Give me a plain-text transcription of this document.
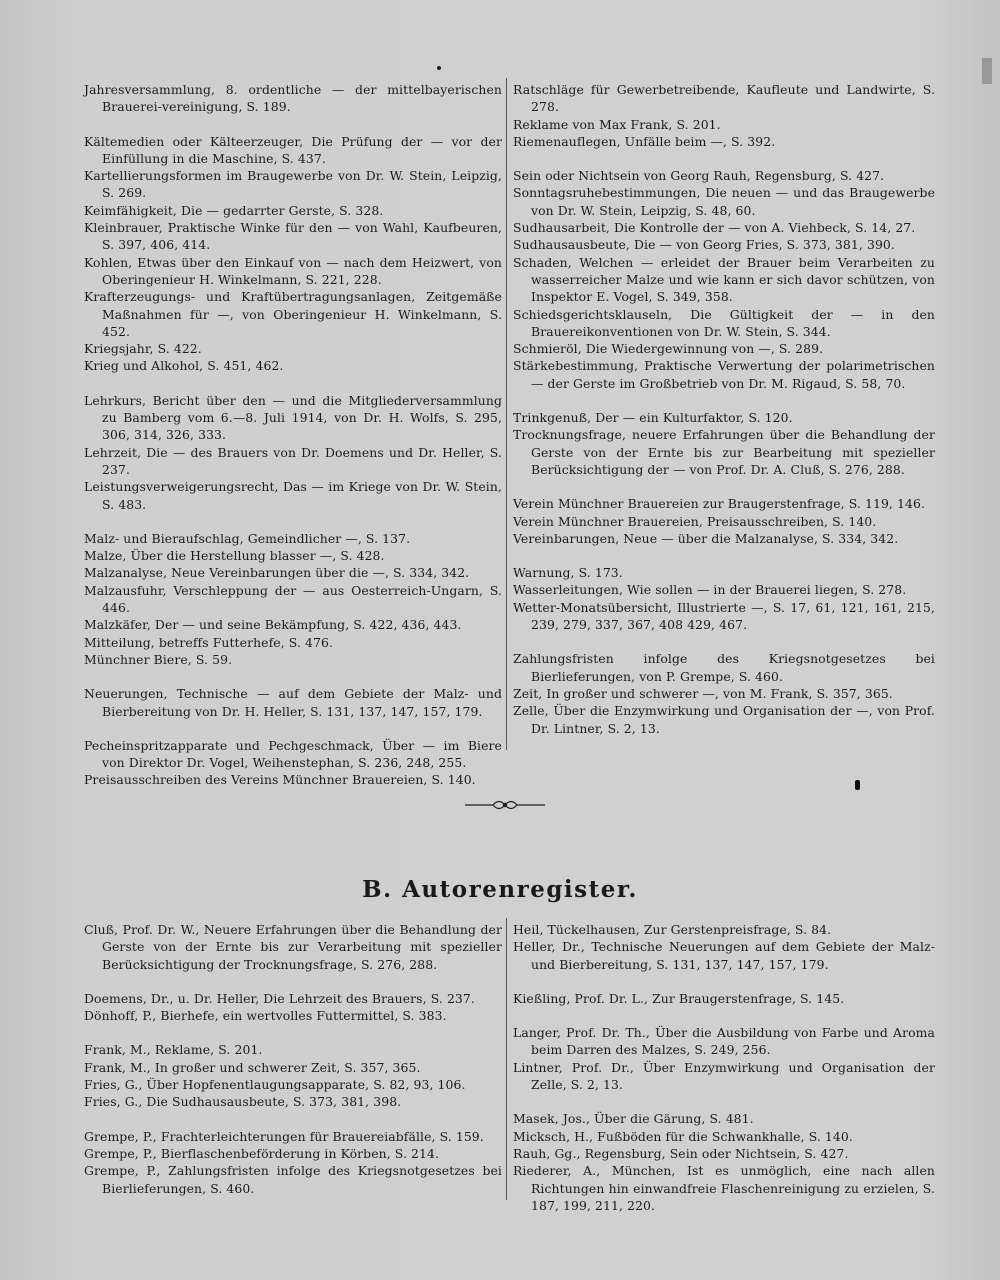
Jahresversammlung, 8. ordentliche — der mittelbayerischen Brauerei-vereinigung, S. 189.

Kältemedien oder Kälteerzeuger, Die Prüfung der — vor der Einfüllung in die Maschine, S. 437.

Kartellierungsformen im Braugewerbe von Dr. W. Stein, Leipzig, S. 269.

Keimfähigkeit, Die — gedarrter Gerste, S. 328.

Kleinbrauer, Praktische Winke für den — von Wahl, Kaufbeuren, S. 397, 406, 414.

Kohlen, Etwas über den Einkauf von — nach dem Heizwert, von Oberingenieur H. Winkelmann, S. 221, 228.

Krafterzeugungs- und Kraftübertragungsanlagen, Zeitgemäße Maßnahmen für —, von Oberingenieur H. Winkelmann, S. 452.

Kriegsjahr, S. 422.

Krieg und Alkohol, S. 451, 462.

Lehrkurs, Bericht über den — und die Mitgliederversammlung zu Bamberg vom 6.—8. Juli 1914, von Dr. H. Wolfs, S. 295, 306, 314, 326, 333.

Lehrzeit, Die — des Brauers von Dr. Doemens und Dr. Heller, S. 237.

Leistungsverweigerungsrecht, Das — im Kriege von Dr. W. Stein, S. 483.

Malz- und Bieraufschlag, Gemeindlicher —, S. 137.

Malze, Über die Herstellung blasser —, S. 428.

Malzanalyse, Neue Vereinbarungen über die —, S. 334, 342.

Malzausfuhr, Verschleppung der — aus Oesterreich-Ungarn, S. 446.

Malzkäfer, Der — und seine Bekämpfung, S. 422, 436, 443.

Mitteilung, betreffs Futterhefe, S. 476.

Münchner Biere, S. 59.

Neuerungen, Technische — auf dem Gebiete der Malz- und Bierbereitung von Dr. H. Heller, S. 131, 137, 147, 157, 179.

Pecheinspritzapparate und Pechgeschmack, Über — im Biere von Direktor Dr. Vogel, Weihenstephan, S. 236, 248, 255.

Preisausschreiben des Vereins Münchner Brauereien, S. 140.

Ratschläge für Gewerbetreibende, Kaufleute und Landwirte, S. 278.

Reklame von Max Frank, S. 201.

Riemenauflegen, Unfälle beim —, S. 392.

Sein oder Nichtsein von Georg Rauh, Regensburg, S. 427.

Sonntagsruhebestimmungen, Die neuen — und das Braugewerbe von Dr. W. Stein, Leipzig, S. 48, 60.

Sudhausarbeit, Die Kontrolle der — von A. Viehbeck, S. 14, 27.

Sudhausausbeute, Die — von Georg Fries, S. 373, 381, 390.

Schaden, Welchen — erleidet der Brauer beim Verarbeiten zu wasserreicher Malze und wie kann er sich davor schützen, von Inspektor E. Vogel, S. 349, 358.

Schiedsgerichtsklauseln, Die Gültigkeit der — in den Brauereikonventionen von Dr. W. Stein, S. 344.

Schmieröl, Die Wiedergewinnung von —, S. 289.

Stärkebestimmung, Praktische Verwertung der polarimetrischen — der Gerste im Großbetrieb von Dr. M. Rigaud, S. 58, 70.

Trinkgenuß, Der — ein Kulturfaktor, S. 120.

Trocknungsfrage, neuere Erfahrungen über die Behandlung der Gerste von der Ernte bis zur Bearbeitung mit spezieller Berücksichtigung der — von Prof. Dr. A. Cluß, S. 276, 288.

Verein Münchner Brauereien zur Braugerstenfrage, S. 119, 146.

Verein Münchner Brauereien, Preisausschreiben, S. 140.

Vereinbarungen, Neue — über die Malzanalyse, S. 334, 342.

Warnung, S. 173.

Wasserleitungen, Wie sollen — in der Brauerei liegen, S. 278.

Wetter-Monatsübersicht, Illustrierte —, S. 17, 61, 121, 161, 215, 239, 279, 337, 367, 408 429, 467.

Zahlungsfristen infolge des Kriegsnotgesetzes bei Bierlieferungen, von P. Grempe, S. 460.

Zeit, In großer und schwerer —, von M. Frank, S. 357, 365.

Zelle, Über die Enzymwirkung und Organisation der —, von Prof. Dr. Lintner, S. 2, 13.

B. Autorenregister.

Cluß, Prof. Dr. W., Neuere Erfahrungen über die Behandlung der Gerste von der Ernte bis zur Verarbeitung mit spezieller Berücksichtigung der Trocknungsfrage, S. 276, 288.

Doemens, Dr., u. Dr. Heller, Die Lehrzeit des Brauers, S. 237.

Dönhoff, P., Bierhefe, ein wertvolles Futtermittel, S. 383.

Frank, M., Reklame, S. 201.

Frank, M., In großer und schwerer Zeit, S. 357, 365.

Fries, G., Über Hopfenentlaugungsapparate, S. 82, 93, 106.

Fries, G., Die Sudhausausbeute, S. 373, 381, 398.

Grempe, P., Frachterleichterungen für Brauereiabfälle, S. 159.

Grempe, P., Bierflaschenbeförderung in Körben, S. 214.

Grempe, P., Zahlungsfristen infolge des Kriegsnotgesetzes bei Bierlieferungen, S. 460.

Heil, Tückelhausen, Zur Gerstenpreisfrage, S. 84.

Heller, Dr., Technische Neuerungen auf dem Gebiete der Malz- und Bierbereitung, S. 131, 137, 147, 157, 179.

Kießling, Prof. Dr. L., Zur Braugerstenfrage, S. 145.

Langer, Prof. Dr. Th., Über die Ausbildung von Farbe und Aroma beim Darren des Malzes, S. 249, 256.

Lintner, Prof. Dr., Über Enzymwirkung und Organisation der Zelle, S. 2, 13.

Masek, Jos., Über die Gärung, S. 481.

Micksch, H., Fußböden für die Schwankhalle, S. 140.

Rauh, Gg., Regensburg, Sein oder Nichtsein, S. 427.

Riederer, A., München, Ist es unmöglich, eine nach allen Richtungen hin einwandfreie Flaschenreinigung zu erzielen, S. 187, 199, 211, 220.
